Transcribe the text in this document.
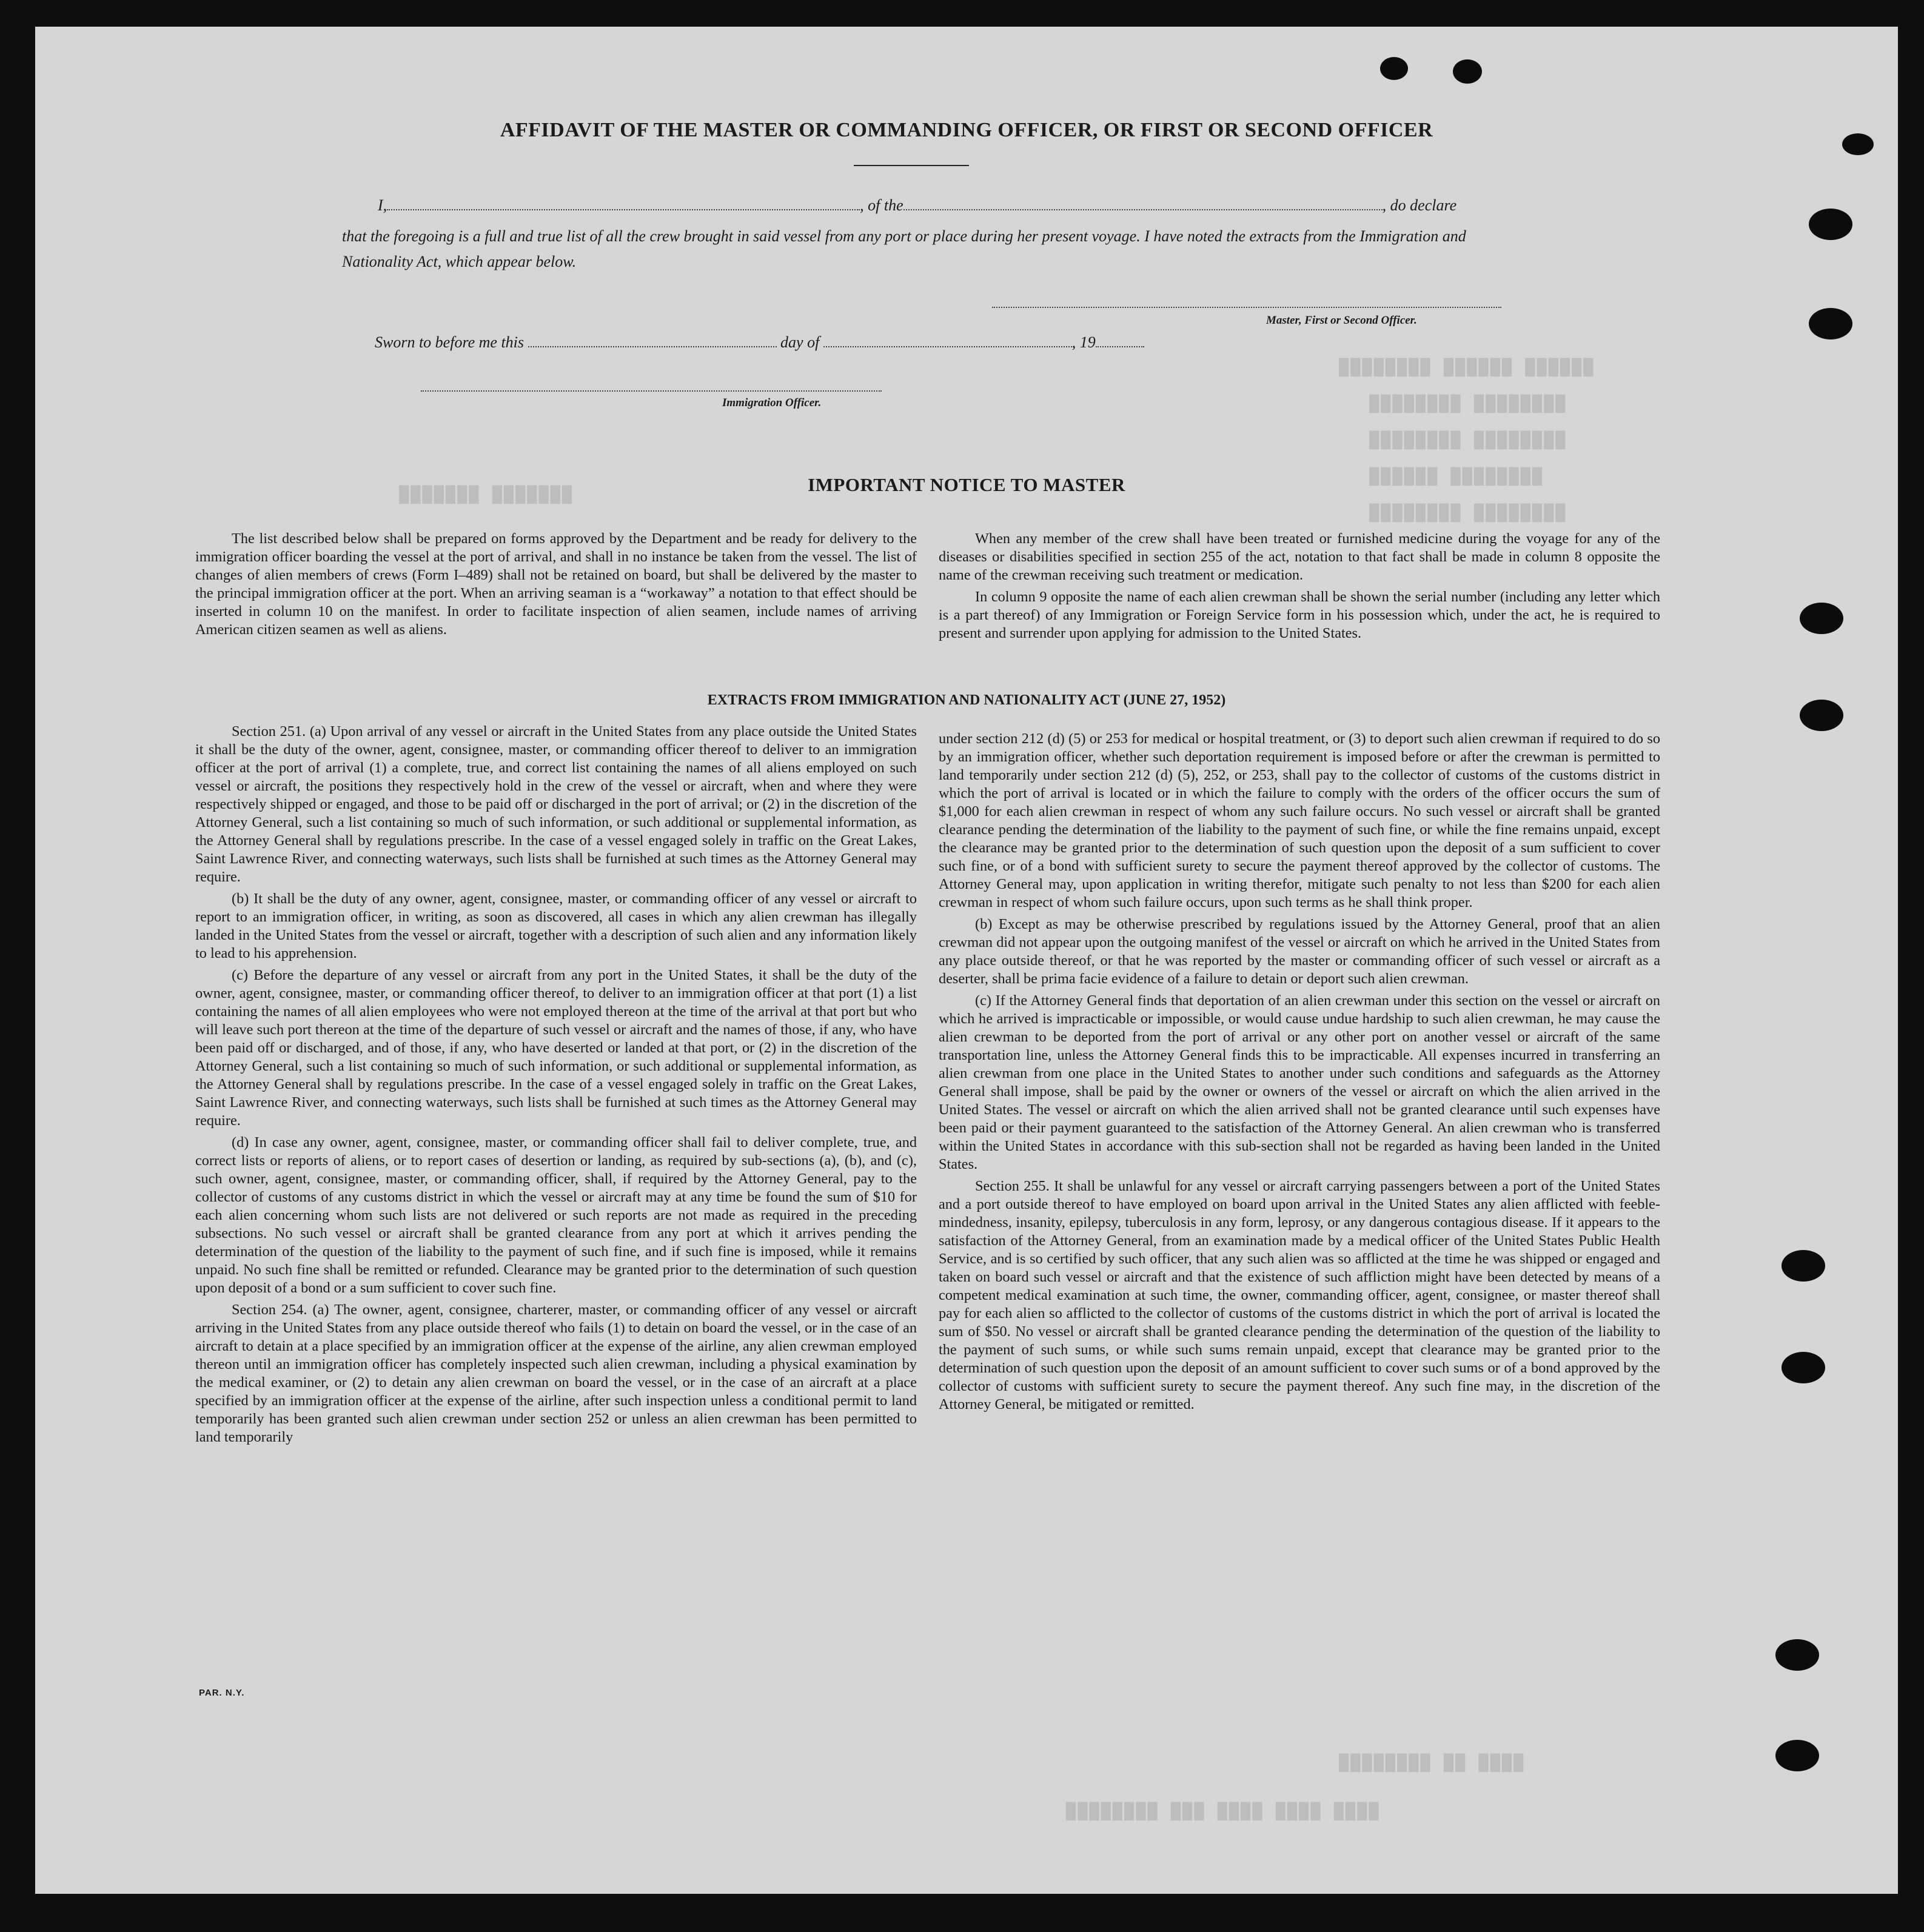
████████ ██████ ██████
████████ ████████
████████ ████████
██████ ████████
████████ ████████
███████ ███████
████████ ██ ████
████████ ███ ████ ████ ████
AFFIDAVIT OF THE MASTER OR COMMANDING OFFICER, OR FIRST OR SECOND OFFICER
I,	, of the	, do declare
that the foregoing is a full and true list of all the crew brought in said vessel from any port or place during her present voyage. I have noted the extracts from the Immigration and Nationality Act, which appear below.
Master, First or Second Officer.
Sworn to before me this	day of	, 19
Immigration Officer.
IMPORTANT NOTICE TO MASTER

The list described below shall be prepared on forms approved by the Department and be ready for delivery to the immigration officer boarding the vessel at the port of arrival, and shall in no instance be taken from the vessel. The list of changes of alien members of crews (Form I–489) shall not be retained on board, but shall be delivered by the master to the principal immigration officer at the port. When an arriving seaman is a “workaway” a notation to that effect should be inserted in column 10 on the manifest. In order to facilitate inspection of alien seamen, include names of arriving American citizen seamen as well as aliens.

When any member of the crew shall have been treated or furnished medicine during the voyage for any of the diseases or disabilities specified in section 255 of the act, notation to that fact shall be made in column 8 opposite the name of the crewman receiving such treatment or medication.

In column 9 opposite the name of each alien crewman shall be shown the serial number (including any letter which is a part thereof) of any Immigration or Foreign Service form in his possession which, under the act, he is required to present and surrender upon applying for admission to the United States.

EXTRACTS FROM IMMIGRATION AND NATIONALITY ACT (JUNE 27, 1952)

Section 251. (a) Upon arrival of any vessel or aircraft in the United States from any place outside the United States it shall be the duty of the owner, agent, consignee, master, or commanding officer thereof to deliver to an immigration officer at the port of arrival (1) a complete, true, and correct list containing the names of all aliens employed on such vessel or aircraft, the positions they respectively hold in the crew of the vessel or aircraft, when and where they were respectively shipped or engaged, and those to be paid off or discharged in the port of arrival; or (2) in the discretion of the Attorney General, such a list containing so much of such information, or such additional or supplemental information, as the Attorney General shall by regulations prescribe. In the case of a vessel engaged solely in traffic on the Great Lakes, Saint Lawrence River, and connecting waterways, such lists shall be furnished at such times as the Attorney General may require.

(b) It shall be the duty of any owner, agent, consignee, master, or commanding officer of any vessel or aircraft to report to an immigration officer, in writing, as soon as discovered, all cases in which any alien crewman has illegally landed in the United States from the vessel or aircraft, together with a description of such alien and any information likely to lead to his apprehension.

(c) Before the departure of any vessel or aircraft from any port in the United States, it shall be the duty of the owner, agent, consignee, master, or commanding officer thereof, to deliver to an immigration officer at that port (1) a list containing the names of all alien employees who were not employed thereon at the time of the arrival at that port but who will leave such port thereon at the time of the departure of such vessel or aircraft and the names of those, if any, who have been paid off or discharged, and of those, if any, who have deserted or landed at that port, or (2) in the discretion of the Attorney General, such a list containing so much of such information, or such additional or supplemental information, as the Attorney General shall by regulations prescribe. In the case of a vessel engaged solely in traffic on the Great Lakes, Saint Lawrence River, and connecting waterways, such lists shall be furnished at such times as the Attorney General may require.

(d) In case any owner, agent, consignee, master, or commanding officer shall fail to deliver complete, true, and correct lists or reports of aliens, or to report cases of desertion or landing, as required by sub-sections (a), (b), and (c), such owner, agent, consignee, master, or commanding officer, shall, if required by the Attorney General, pay to the collector of customs of any customs district in which the vessel or aircraft may at any time be found the sum of $10 for each alien concerning whom such lists are not delivered or such reports are not made as required in the preceding subsections. No such vessel or aircraft shall be granted clearance from any port at which it arrives pending the determination of the question of the liability to the payment of such fine, and if such fine is imposed, while it remains unpaid. No such fine shall be remitted or refunded. Clearance may be granted prior to the determination of such question upon deposit of a bond or a sum sufficient to cover such fine.

Section 254. (a) The owner, agent, consignee, charterer, master, or commanding officer of any vessel or aircraft arriving in the United States from any place outside thereof who fails (1) to detain on board the vessel, or in the case of an aircraft to detain at a place specified by an immigration officer at the expense of the airline, any alien crewman employed thereon until an immigration officer has completely inspected such alien crewman, including a physical examination by the medical examiner, or (2) to detain any alien crewman on board the vessel, or in the case of an aircraft at a place specified by an immigration officer at the expense of the airline, after such inspection unless a conditional permit to land temporarily has been granted such alien crewman under section 252 or unless an alien crewman has been permitted to land temporarily

under section 212 (d) (5) or 253 for medical or hospital treatment, or (3) to deport such alien crewman if required to do so by an immigration officer, whether such deportation requirement is imposed before or after the crewman is permitted to land temporarily under section 212 (d) (5), 252, or 253, shall pay to the collector of customs of the customs district in which the port of arrival is located or in which the failure to comply with the orders of the officer occurs the sum of $1,000 for each alien crewman in respect of whom any such failure occurs. No such vessel or aircraft shall be granted clearance pending the determination of the liability to the payment of such fine, or while the fine remains unpaid, except the clearance may be granted prior to the determination of such question upon the deposit of a sum sufficient to cover such fine, or of a bond with sufficient surety to secure the payment thereof approved by the collector of customs. The Attorney General may, upon application in writing therefor, mitigate such penalty to not less than $200 for each alien crewman in respect of whom such failure occurs, upon such terms as he shall think proper.

(b) Except as may be otherwise prescribed by regulations issued by the Attorney General, proof that an alien crewman did not appear upon the outgoing manifest of the vessel or aircraft on which he arrived in the United States from any place outside thereof, or that he was reported by the master or commanding officer of such vessel or aircraft as a deserter, shall be prima facie evidence of a failure to detain or deport such alien crewman.

(c) If the Attorney General finds that deportation of an alien crewman under this section on the vessel or aircraft on which he arrived is impracticable or impossible, or would cause undue hardship to such alien crewman, he may cause the alien crewman to be deported from the port of arrival or any other port on another vessel or aircraft of the same transportation line, unless the Attorney General finds this to be impracticable. All expenses incurred in transferring an alien crewman from one place in the United States to another under such conditions and safeguards as the Attorney General shall impose, shall be paid by the owner or owners of the vessel or aircraft on which the alien arrived in the United States. The vessel or aircraft on which the alien arrived shall not be granted clearance until such expenses have been paid or their payment guaranteed to the satisfaction of the Attorney General. An alien crewman who is transferred within the United States in accordance with this sub-section shall not be regarded as having been landed in the United States.

Section 255. It shall be unlawful for any vessel or aircraft carrying passengers between a port of the United States and a port outside thereof to have employed on board upon arrival in the United States any alien afflicted with feeble-mindedness, insanity, epilepsy, tuberculosis in any form, leprosy, or any dangerous contagious disease. If it appears to the satisfaction of the Attorney General, from an examination made by a medical officer of the United States Public Health Service, and is so certified by such officer, that any such alien was so afflicted at the time he was shipped or engaged and taken on board such vessel or aircraft and that the existence of such affliction might have been detected by means of a competent medical examination at such time, the owner, commanding officer, agent, consignee, or master thereof shall pay for each alien so afflicted to the collector of customs of the customs district in which the port of arrival is located the sum of $50. No vessel or aircraft shall be granted clearance pending the determination of the question of the liability to the payment of such sums, or while such sums remain unpaid, except that clearance may be granted prior to the determination of such question upon the deposit of an amount sufficient to cover such sums or of a bond approved by the collector of customs with sufficient surety to secure the payment thereof. Any such fine may, in the discretion of the Attorney General, be mitigated or remitted.

PAR. N.Y.
